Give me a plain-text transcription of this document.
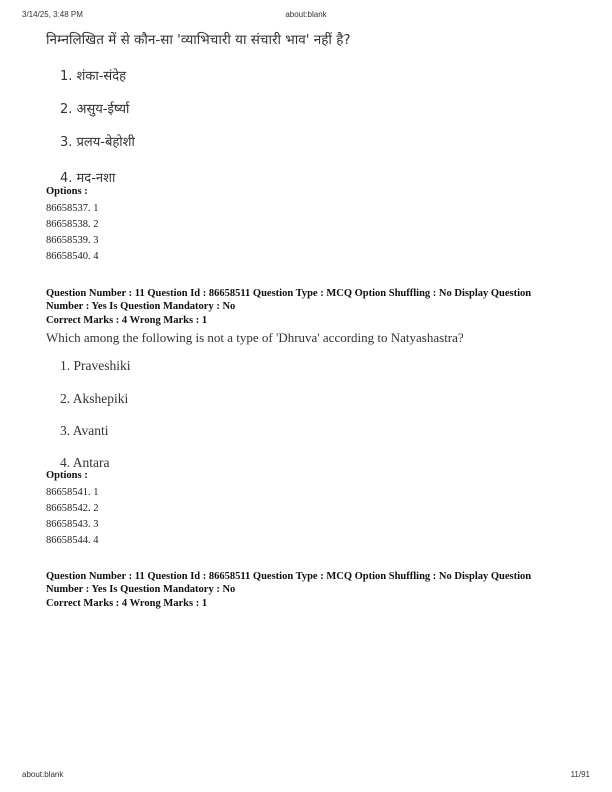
3/14/25, 3:48 PM	about:blank
निम्नलिखित में से कौन-सा 'व्याभिचारी या संचारी भाव' नहीं है?
1. शंका-संदेह
2. असुय-ईर्ष्या
3. प्रलय-बेहोशी
4. मद-नशा
Options :
86658537. 1
86658538. 2
86658539. 3
86658540. 4
Question Number : 11 Question Id : 86658511 Question Type : MCQ Option Shuffling : No Display Question Number : Yes Is Question Mandatory : No
Correct Marks : 4 Wrong Marks : 1
Which among the following is not a type of 'Dhruva' according to Natyashastra?
1. Praveshiki
2. Akshepiki
3. Avanti
4. Antara
Options :
86658541. 1
86658542. 2
86658543. 3
86658544. 4
Question Number : 11 Question Id : 86658511 Question Type : MCQ Option Shuffling : No Display Question Number : Yes Is Question Mandatory : No
Correct Marks : 4 Wrong Marks : 1
about:blank	11/91
